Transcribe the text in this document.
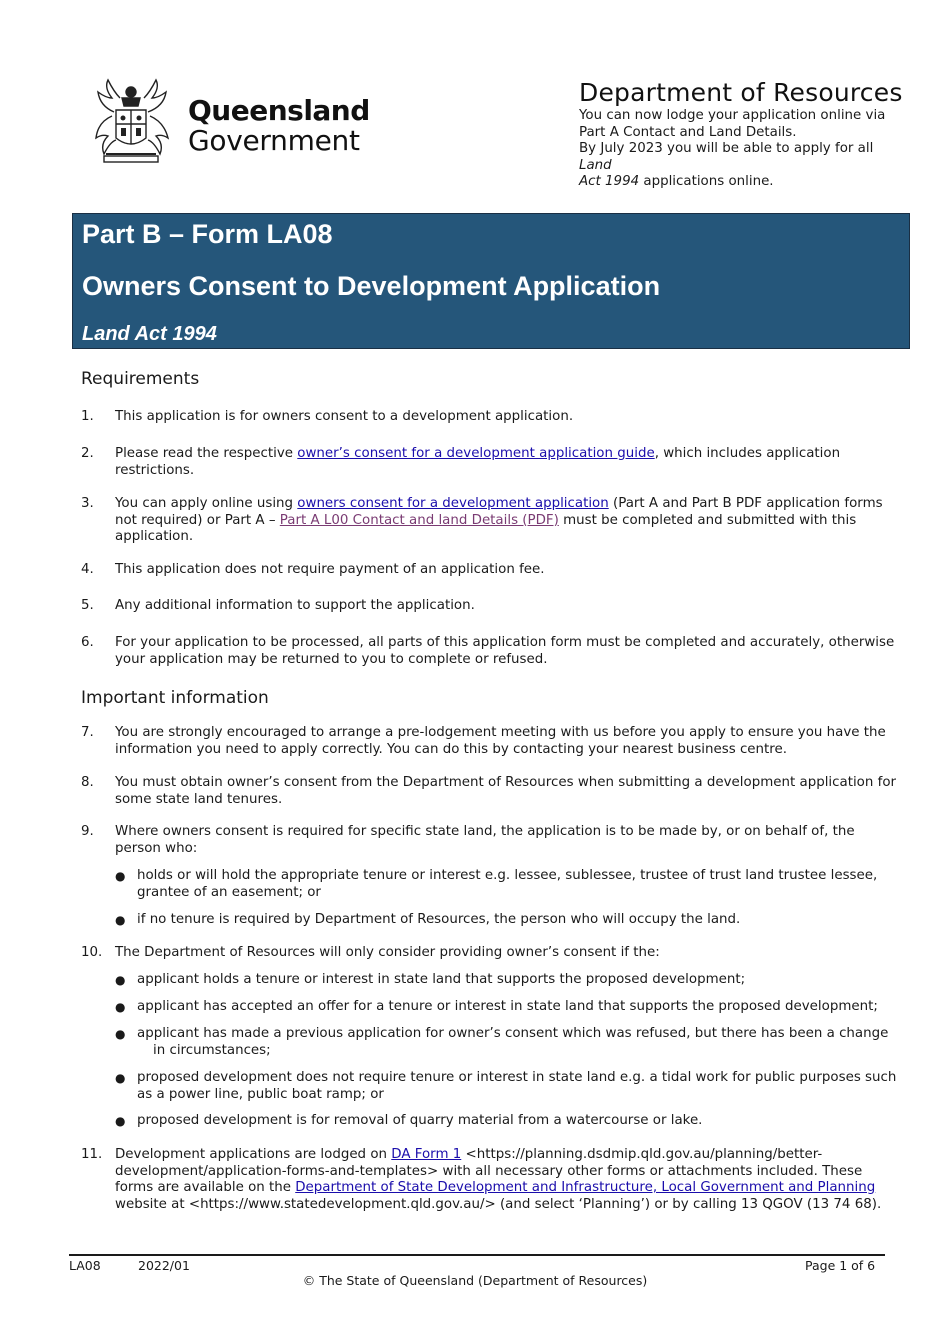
Queensland
Government
Department of Resources
You can now lodge your application online via
Part A Contact and Land Details.
By July 2023 you will be able to apply for all Land
Act 1994 applications online.
Part B – Form LA08
Owners Consent to Development Application
Land Act 1994
Requirements
1. This application is for owners consent to a development application.
2. Please read the respective owner’s consent for a development application guide, which includes application restrictions.
3. You can apply online using owners consent for a development application (Part A and Part B PDF application forms not required) or Part A – Part A L00 Contact and land Details (PDF) must be completed and submitted with this application.
4. This application does not require payment of an application fee.
5. Any additional information to support the application.
6. For your application to be processed, all parts of this application form must be completed and accurately, otherwise your application may be returned to you to complete or refused.
Important information
7. You are strongly encouraged to arrange a pre-lodgement meeting with us before you apply to ensure you have the information you need to apply correctly. You can do this by contacting your nearest business centre.
8. You must obtain owner’s consent from the Department of Resources when submitting a development application for some state land tenures.
9. Where owners consent is required for specific state land, the application is to be made by, or on behalf of, the person who:
● holds or will hold the appropriate tenure or interest e.g. lessee, sublessee, trustee of trust land trustee lessee, grantee of an easement; or
● if no tenure is required by Department of Resources, the person who will occupy the land.
10. The Department of Resources will only consider providing owner’s consent if the:
● applicant holds a tenure or interest in state land that supports the proposed development;
● applicant has accepted an offer for a tenure or interest in state land that supports the proposed development;
● applicant has made a previous application for owner’s consent which was refused, but there has been a change in circumstances;
● proposed development does not require tenure or interest in state land e.g. a tidal work for public purposes such as a power line, public boat ramp; or
● proposed development is for removal of quarry material from a watercourse or lake.
11. Development applications are lodged on DA Form 1 <https://planning.dsdmip.qld.gov.au/planning/better-development/application-forms-and-templates> with all necessary other forms or attachments included. These forms are available on the Department of State Development and Infrastructure, Local Government and Planning website at <https://www.statedevelopment.qld.gov.au/> (and select ‘Planning’) or by calling 13 QGOV (13 74 68).
LA08	2022/01	Page 1 of 6
© The State of Queensland (Department of Resources)
